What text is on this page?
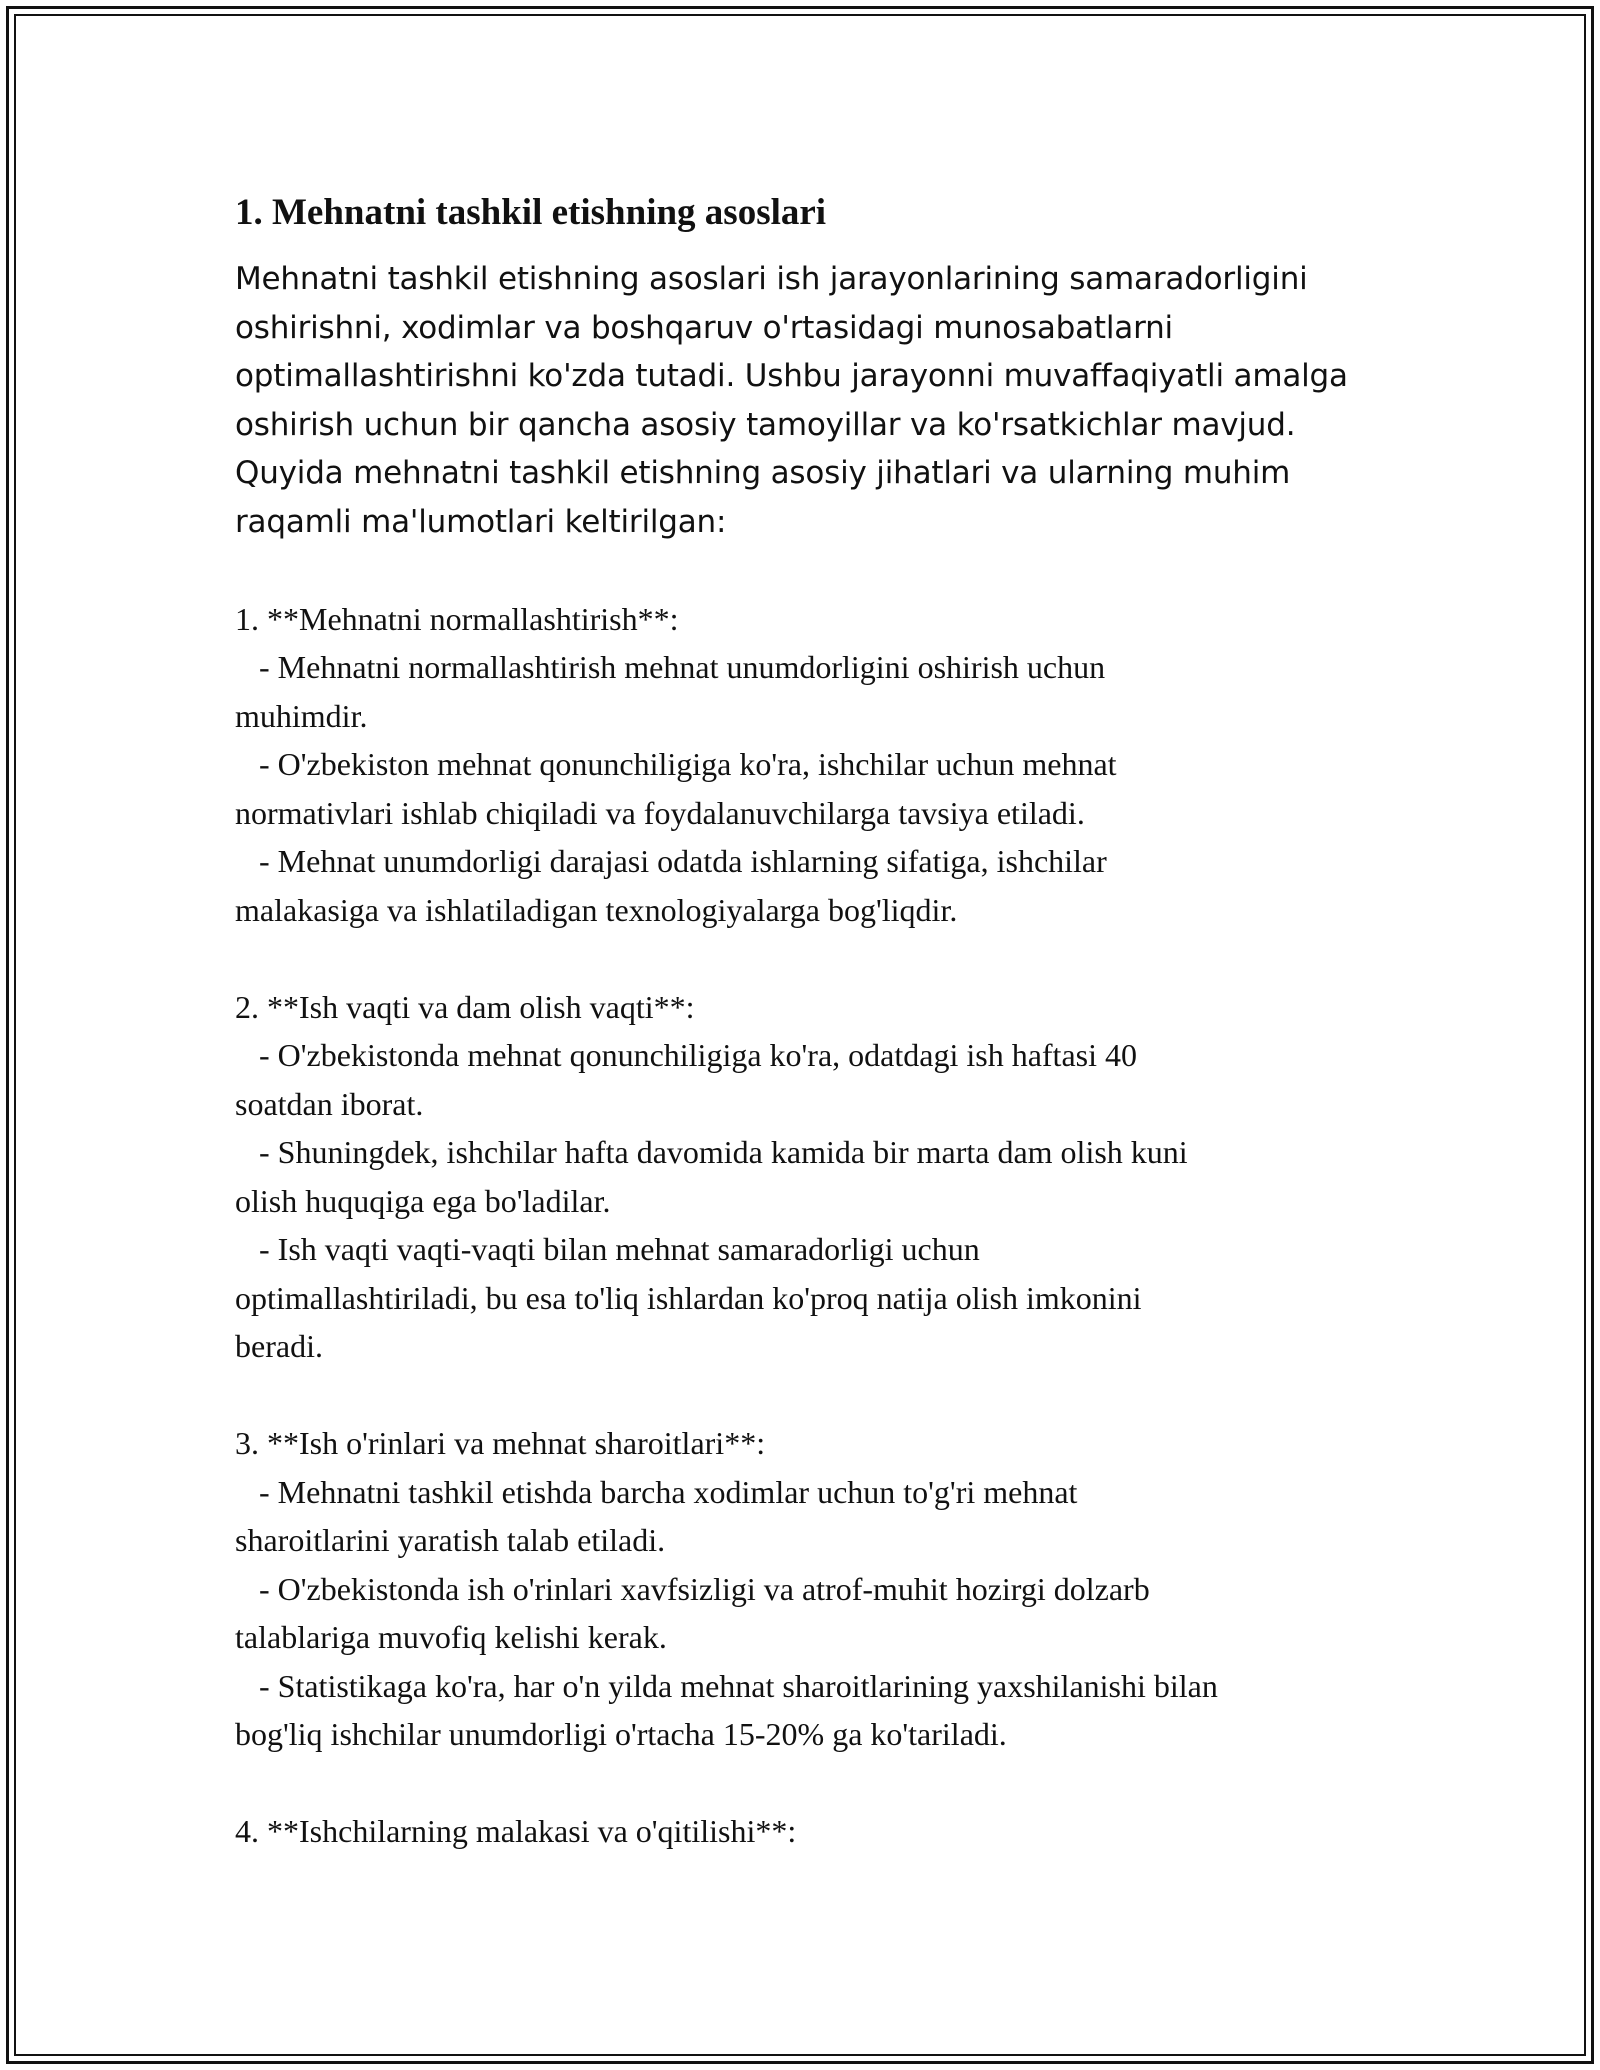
1. Mehnatni tashkil etishning asoslari
Mehnatni tashkil etishning asoslari ish jarayonlarining samaradorligini
oshirishni, xodimlar va boshqaruv o'rtasidagi munosabatlarni
optimallashtirishni ko'zda tutadi. Ushbu jarayonni muvaffaqiyatli amalga
oshirish uchun bir qancha asosiy tamoyillar va ko'rsatkichlar mavjud.
Quyida mehnatni tashkil etishning asosiy jihatlari va ularning muhim
raqamli ma'lumotlari keltirilgan:
1. **Mehnatni normallashtirish**:
- Mehnatni normallashtirish mehnat unumdorligini oshirish uchun
muhimdir.
- O'zbekiston mehnat qonunchiligiga ko'ra, ishchilar uchun mehnat
normativlari ishlab chiqiladi va foydalanuvchilarga tavsiya etiladi.
- Mehnat unumdorligi darajasi odatda ishlarning sifatiga, ishchilar
malakasiga va ishlatiladigan texnologiyalarga bog'liqdir.
2. **Ish vaqti va dam olish vaqti**:
- O'zbekistonda mehnat qonunchiligiga ko'ra, odatdagi ish haftasi 40
soatdan iborat.
- Shuningdek, ishchilar hafta davomida kamida bir marta dam olish kuni
olish huquqiga ega bo'ladilar.
- Ish vaqti vaqti-vaqti bilan mehnat samaradorligi uchun
optimallashtiriladi, bu esa to'liq ishlardan ko'proq natija olish imkonini
beradi.
3. **Ish o'rinlari va mehnat sharoitlari**:
- Mehnatni tashkil etishda barcha xodimlar uchun to'g'ri mehnat
sharoitlarini yaratish talab etiladi.
- O'zbekistonda ish o'rinlari xavfsizligi va atrof-muhit hozirgi dolzarb
talablariga muvofiq kelishi kerak.
- Statistikaga ko'ra, har o'n yilda mehnat sharoitlarining yaxshilanishi bilan
bog'liq ishchilar unumdorligi o'rtacha 15-20% ga ko'tariladi.
4. **Ishchilarning malakasi va o'qitilishi**:
